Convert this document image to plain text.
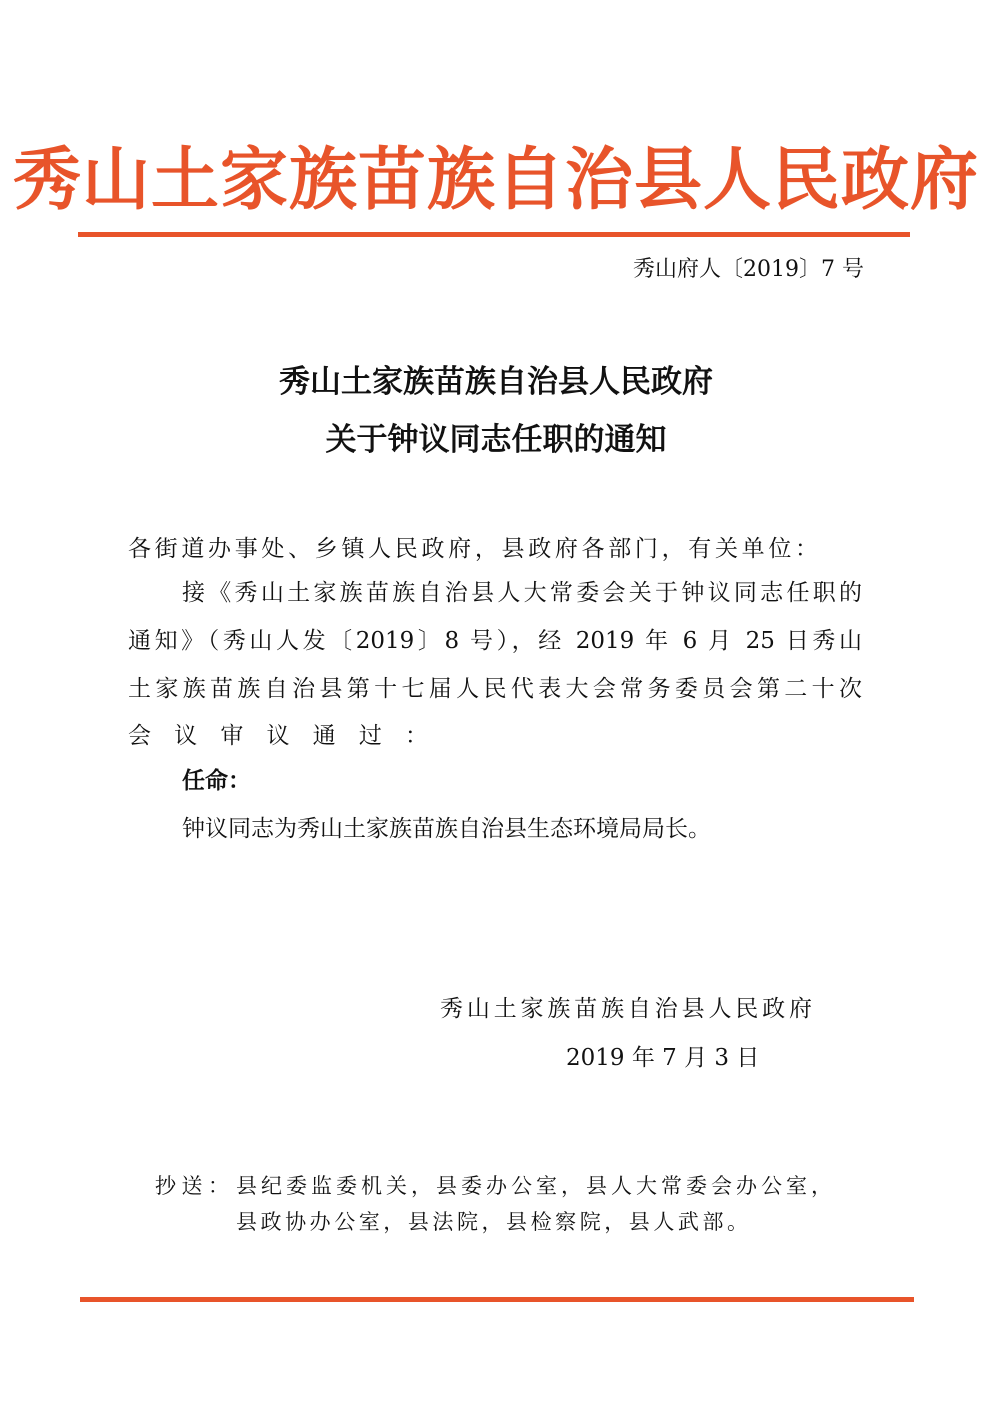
秀山土家族苗族自治县人民政府
秀山府人〔2019〕7 号
秀山土家族苗族自治县人民政府
关于钟议同志任职的通知
各街道办事处、乡镇人民政府，县政府各部门，有关单位：
接《秀山土家族苗族自治县人大常委会关于钟议同志任职的
通知》（秀山人发〔2019〕8 号），经 2019 年 6 月 25 日秀山
土家族苗族自治县第十七届人民代表大会常务委员会第二十次
会议审议通过：
任命：
钟议同志为秀山土家族苗族自治县生态环境局局长。
秀山土家族苗族自治县人民政府
2019 年 7 月 3 日
抄送： 县纪委监委机关，县委办公室，县人大常委会办公室，
县政协办公室，县法院，县检察院，县人武部。
